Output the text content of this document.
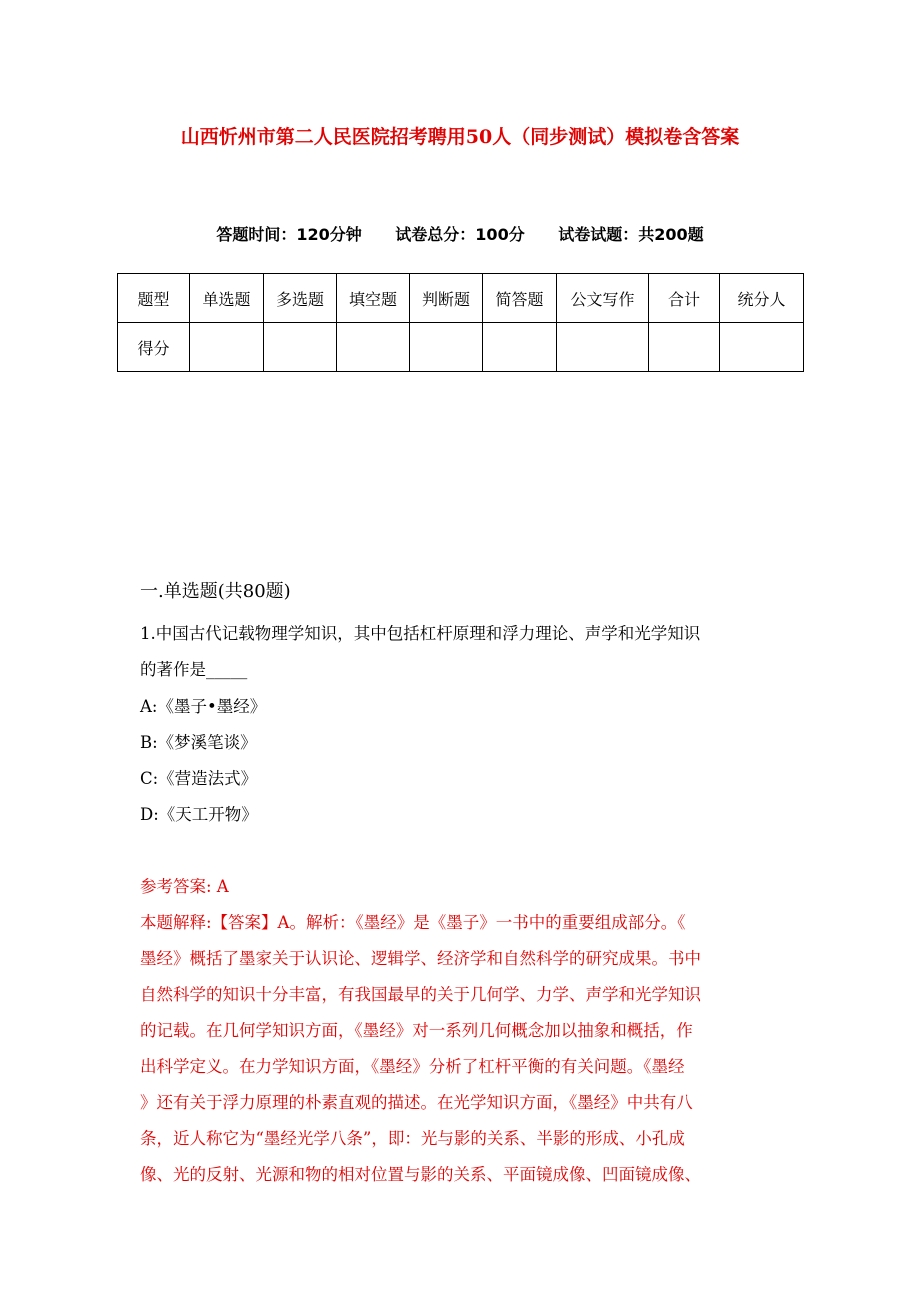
山西忻州市第二人民医院招考聘用50人（同步测试）模拟卷含答案
答题时间：120分钟 试卷总分：100分 试卷试题：共200题
题型	单选题	多选题	填空题	判断题	简答题	公文写作	合计	统分人
得分								
一.单选题(共80题)
1.中国古代记载物理学知识，其中包括杠杆原理和浮力理论、声学和光学知识
的著作是_____
A:《墨子•墨经》
B:《梦溪笔谈》
C:《营造法式》
D:《天工开物》
参考答案: A
本题解释:【答案】A。解析：《墨经》是《墨子》一书中的重要组成部分。《
墨经》概括了墨家关于认识论、逻辑学、经济学和自然科学的研究成果。书中
自然科学的知识十分丰富，有我国最早的关于几何学、力学、声学和光学知识
的记载。在几何学知识方面，《墨经》对一系列几何概念加以抽象和概括，作
出科学定义。在力学知识方面，《墨经》分析了杠杆平衡的有关问题。《墨经
》还有关于浮力原理的朴素直观的描述。在光学知识方面，《墨经》中共有八
条，近人称它为“墨经光学八条”，即：光与影的关系、半影的形成、小孔成
像、光的反射、光源和物的相对位置与影的关系、平面镜成像、凹面镜成像、
